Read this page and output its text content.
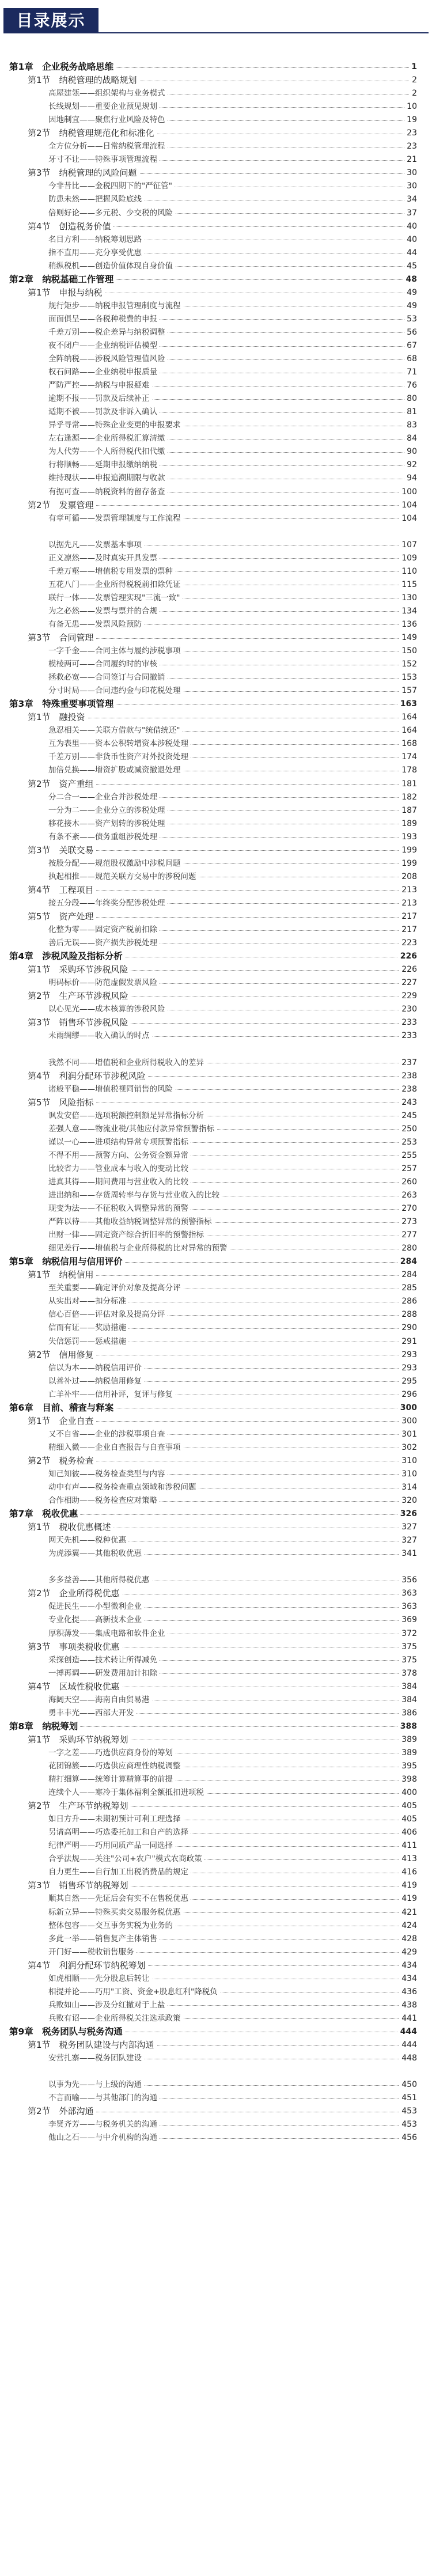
目录展示
第1章　企业税务战略思维	1
第1节　纳税管理的战略规划	2
高屋建瓴——组织架构与业务模式	2
长线规划——重要企业预见规划	10
因地制宜——聚焦行业风险及特色	19
第2节　纳税管理规范化和标准化	23
全方位分析——日常纳税管理流程	23
牙寸不让——特殊事项管理流程	21
第3节　纳税管理的风险问题	30
今非昔比——金税四期下的"严征管"	30
防患未然——把握风险底线	34
倍则好论——多元税、少交税的风险	37
第4节　创造税务价值	40
名目方利——纳税筹划思路	40
指不直用——充分享受优惠	44
稍纵税机——创造价值体现自身价值	45
第2章　纳税基础工作管理	48
第1节　申报与纳税	49
规行矩步——纳税申报管理制度与流程	49
面面俱呈——各税种税费的申报	53
千差万别——税企差异与纳税调整	56
夜不闭户——企业纳税评估模型	67
全阵纳税——涉税风险管理值风险	68
权石问路——企业纳税申报质量	71
严防严控——纳税与申报疑难	76
逾期不报——罚款及后续补正	80
适期不被——罚款及非诉入确认	81
异乎寻常——特殊企业变更的申报要求	83
左右逢源——企业所得税汇算清缴	84
为人代劳——个人所得税代扣代缴	90
行将顺畅——延期申报缴纳纳税	92
维持现状——申报追溯期限与收款	94
有据可查——纳税资料的留存备查	100
第2节　发票管理	104
有章可循——发票管理制度与工作流程	104
以据先凡——发票基本事项	107
正义凛然——及时真实开具发票	109
千差万壑——增值税专用发票的票种	110
五花八门——企业所得税税前扣除凭证	115
联行一体——发票管理实现"三流一致"	130
为之必然——发票与票并的合规	134
有备无患——发票风险预防	136
第3节　合同管理	149
一字千金——合同主体与履约涉税事项	150
模棱两可——合同履约时的审核	152
拯救必宽——合同签订与合同撤销	153
分寸时局——合同违约金与印花税处理	157
第3章　特殊重要事项管理	163
第1节　融投资	164
急忍相关——关联方借款与"统借统还"	164
互为表里——资本公积转增资本涉税处理	168
千差万别——非货币性资产对外投资处理	174
加倍兑换——增资扩股或减资撤退处理	178
第2节　资产重组	181
分二合一——企业合并涉税处理	182
一分为二——企业分立的涉税处理	187
移花接木——资产划转的涉税处理	189
有条不紊——债务重组涉税处理	193
第3节　关联交易	199
按股分配——规范股权激励中涉税问题	199
执起相推——规范关联方交易中的涉税问题	208
第4节　工程项目	213
接五分段——年终奖分配涉税处理	213
第5节　资产处理	217
化整为零——固定资产税前扣除	217
善后无误——资产损失涉税处理	223
第4章　涉税风险及指标分析	226
第1节　采购环节涉税风险	226
明码标价——防范虚假发票风险	227
第2节　生产环节涉税风险	229
以心见光——成本核算的涉税风险	230
第3节　销售环节涉税风险	233
未雨绸缪——收入确认的时点	233
我然不同——增值税和企业所得税收入的差异	237
第4节　利润分配环节涉税风险	238
诸般平稳——增值税视同销售的风险	238
第5节　风险指标	243
讽发安倍——选项税额控制额是异常指标分析	245
差强人意——物流业税/其他应付款异常预警指标	250
谨以一心——进项结构异常专项预警指标	253
不得不用——预警方向、公务资金额异常	255
比较省力——管业成本与收入的变动比较	257
进真其得——期间费用与营业收入的比较	260
进出纳和——存货周转率与存货与营业收入的比较	263
现变为法——不征税收入调整异常的预警	270
严阵以待——其他收益纳税调整异常的预警指标	273
出财一律——固定资产综合折旧率的预警指标	277
细见差行——增值税与企业所得税的比对异常的预警	280
第5章　纳税信用与信用评价	284
第1节　纳税信用	284
至关重要——确定评价对象及提高分评	285
从实出对——扣分标准	286
信心百倍——评估对象及提高分评	288
信而有证——奖励措施	290
失信惩罚——惩戒措施	291
第2节　信用修复	293
信以为本——纳税信用评价	293
以善补过——纳税信用修复	295
亡羊补牢——信用补评，复评与修复	296
第6章　目前、稽查与释案	300
第1节　企业自查	300
又不自省——企业的涉税事项自查	301
精细入微——企业自查报告与自查事项	302
第2节　税务检查	310
知己知彼——税务检查类型与内容	310
动中有声——税务检查重点领域和涉税问题	314
合作相助——税务检查应对策略	320
第7章　税收优惠	326
第1节　税收优惠概述	327
网天先机——税种优惠	327
为虎添翼——其他税收优惠	341
多多益善——其他所得税优惠	356
第2节　企业所得税优惠	363
促进民生——小型微利企业	363
专业化提——高新技术企业	369
厚积薄发——集成电路和软件企业	372
第3节　事项类税收优惠	375
采探创造——技术转让所得减免	375
一搏再调——研发费用加计扣除	378
第4节　区域性税收优惠	384
海阔天空——海南自由贸易港	384
勇丰丰光——西部大开发	386
第8章　纳税筹划	388
第1节　采购环节纳税筹划	389
一字之差——巧选供应商身份的筹划	389
花团锦簇——巧选供应商理性纳税调整	395
精打细算——统筹计算精算事的前提	398
连续个人——寒冷于集体福利全额抵扣进项税	400
第2节　生产环节纳税筹划	405
如日方升——未期初预计可利工理选择	405
另请高明——巧选委托加工和自产的选择	406
纪律严明——巧用同质产品一同选择	411
合乎法规——关注"公司+农户"模式农商政策	413
自力更生——自行加工出税消费品的规定	416
第3节　销售环节纳税筹划	419
顺其自然——先证后会有实不在售税优惠	419
标新立异——特殊买卖交易服务税优惠	421
整体包容——交互事务实税为业务的	424
多此一举——销售复产主体销售	428
开门好——税收销售服务	429
第4节　利润分配环节纳税筹划	434
如虎相顺——先分股息后转让	434
相提并论——巧用"工资、资金+股息红利"降税负	436
兵败如山——涉及分红撤对于上盐	438
兵败有诏——企业所得税关注选承政策	441
第9章　税务团队与税务沟通	444
第1节　税务团队建设与内部沟通	444
安营扎寨——税务团队建设	448
以事为先——与上级的沟通	450
不言而喻——与其他部门的沟通	451
第2节　外部沟通	453
李贤齐芳——与税务机关的沟通	453
他山之石——与中介机构的沟通	456
